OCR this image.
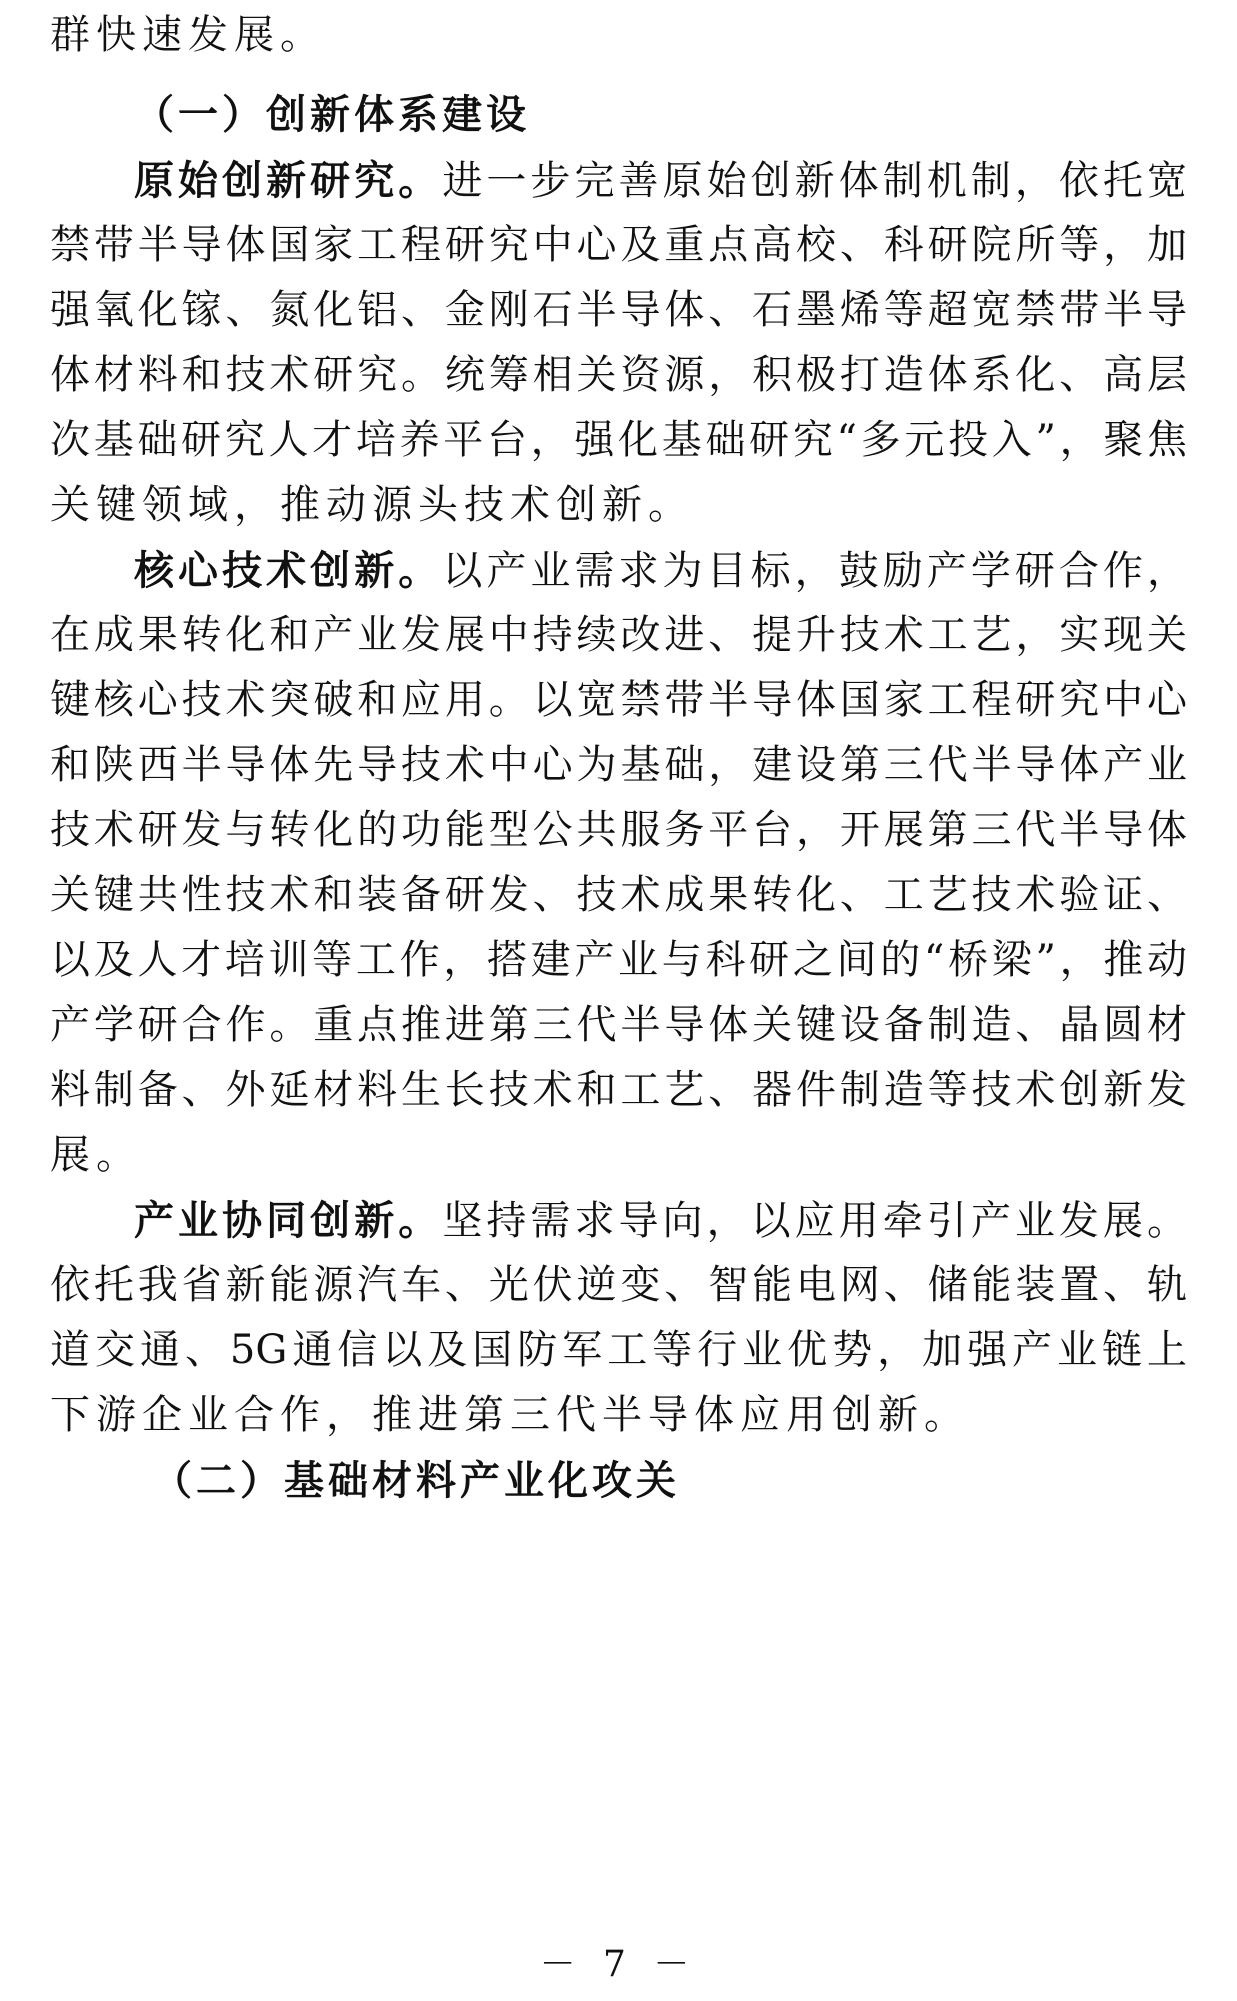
群快速发展。
（一）创新体系建设
原始创新研究。进一步完善原始创新体制机制，依托宽
禁带半导体国家工程研究中心及重点高校、科研院所等，加
强氧化镓、氮化铝、金刚石半导体、石墨烯等超宽禁带半导
体材料和技术研究。统筹相关资源，积极打造体系化、高层
次基础研究人才培养平台，强化基础研究“多元投入”，聚焦
关键领域，推动源头技术创新。
核心技术创新。以产业需求为目标，鼓励产学研合作，
在成果转化和产业发展中持续改进、提升技术工艺，实现关
键核心技术突破和应用。以宽禁带半导体国家工程研究中心
和陕西半导体先导技术中心为基础，建设第三代半导体产业
技术研发与转化的功能型公共服务平台，开展第三代半导体
关键共性技术和装备研发、技术成果转化、工艺技术验证、
以及人才培训等工作，搭建产业与科研之间的“桥梁”，推动
产学研合作。重点推进第三代半导体关键设备制造、晶圆材
料制备、外延材料生长技术和工艺、器件制造等技术创新发
展。
产业协同创新。坚持需求导向，以应用牵引产业发展。
依托我省新能源汽车、光伏逆变、智能电网、储能装置、轨
道交通、5G通信以及国防军工等行业优势，加强产业链上
下游企业合作，推进第三代半导体应用创新。
（二）基础材料产业化攻关
－ 7 －
